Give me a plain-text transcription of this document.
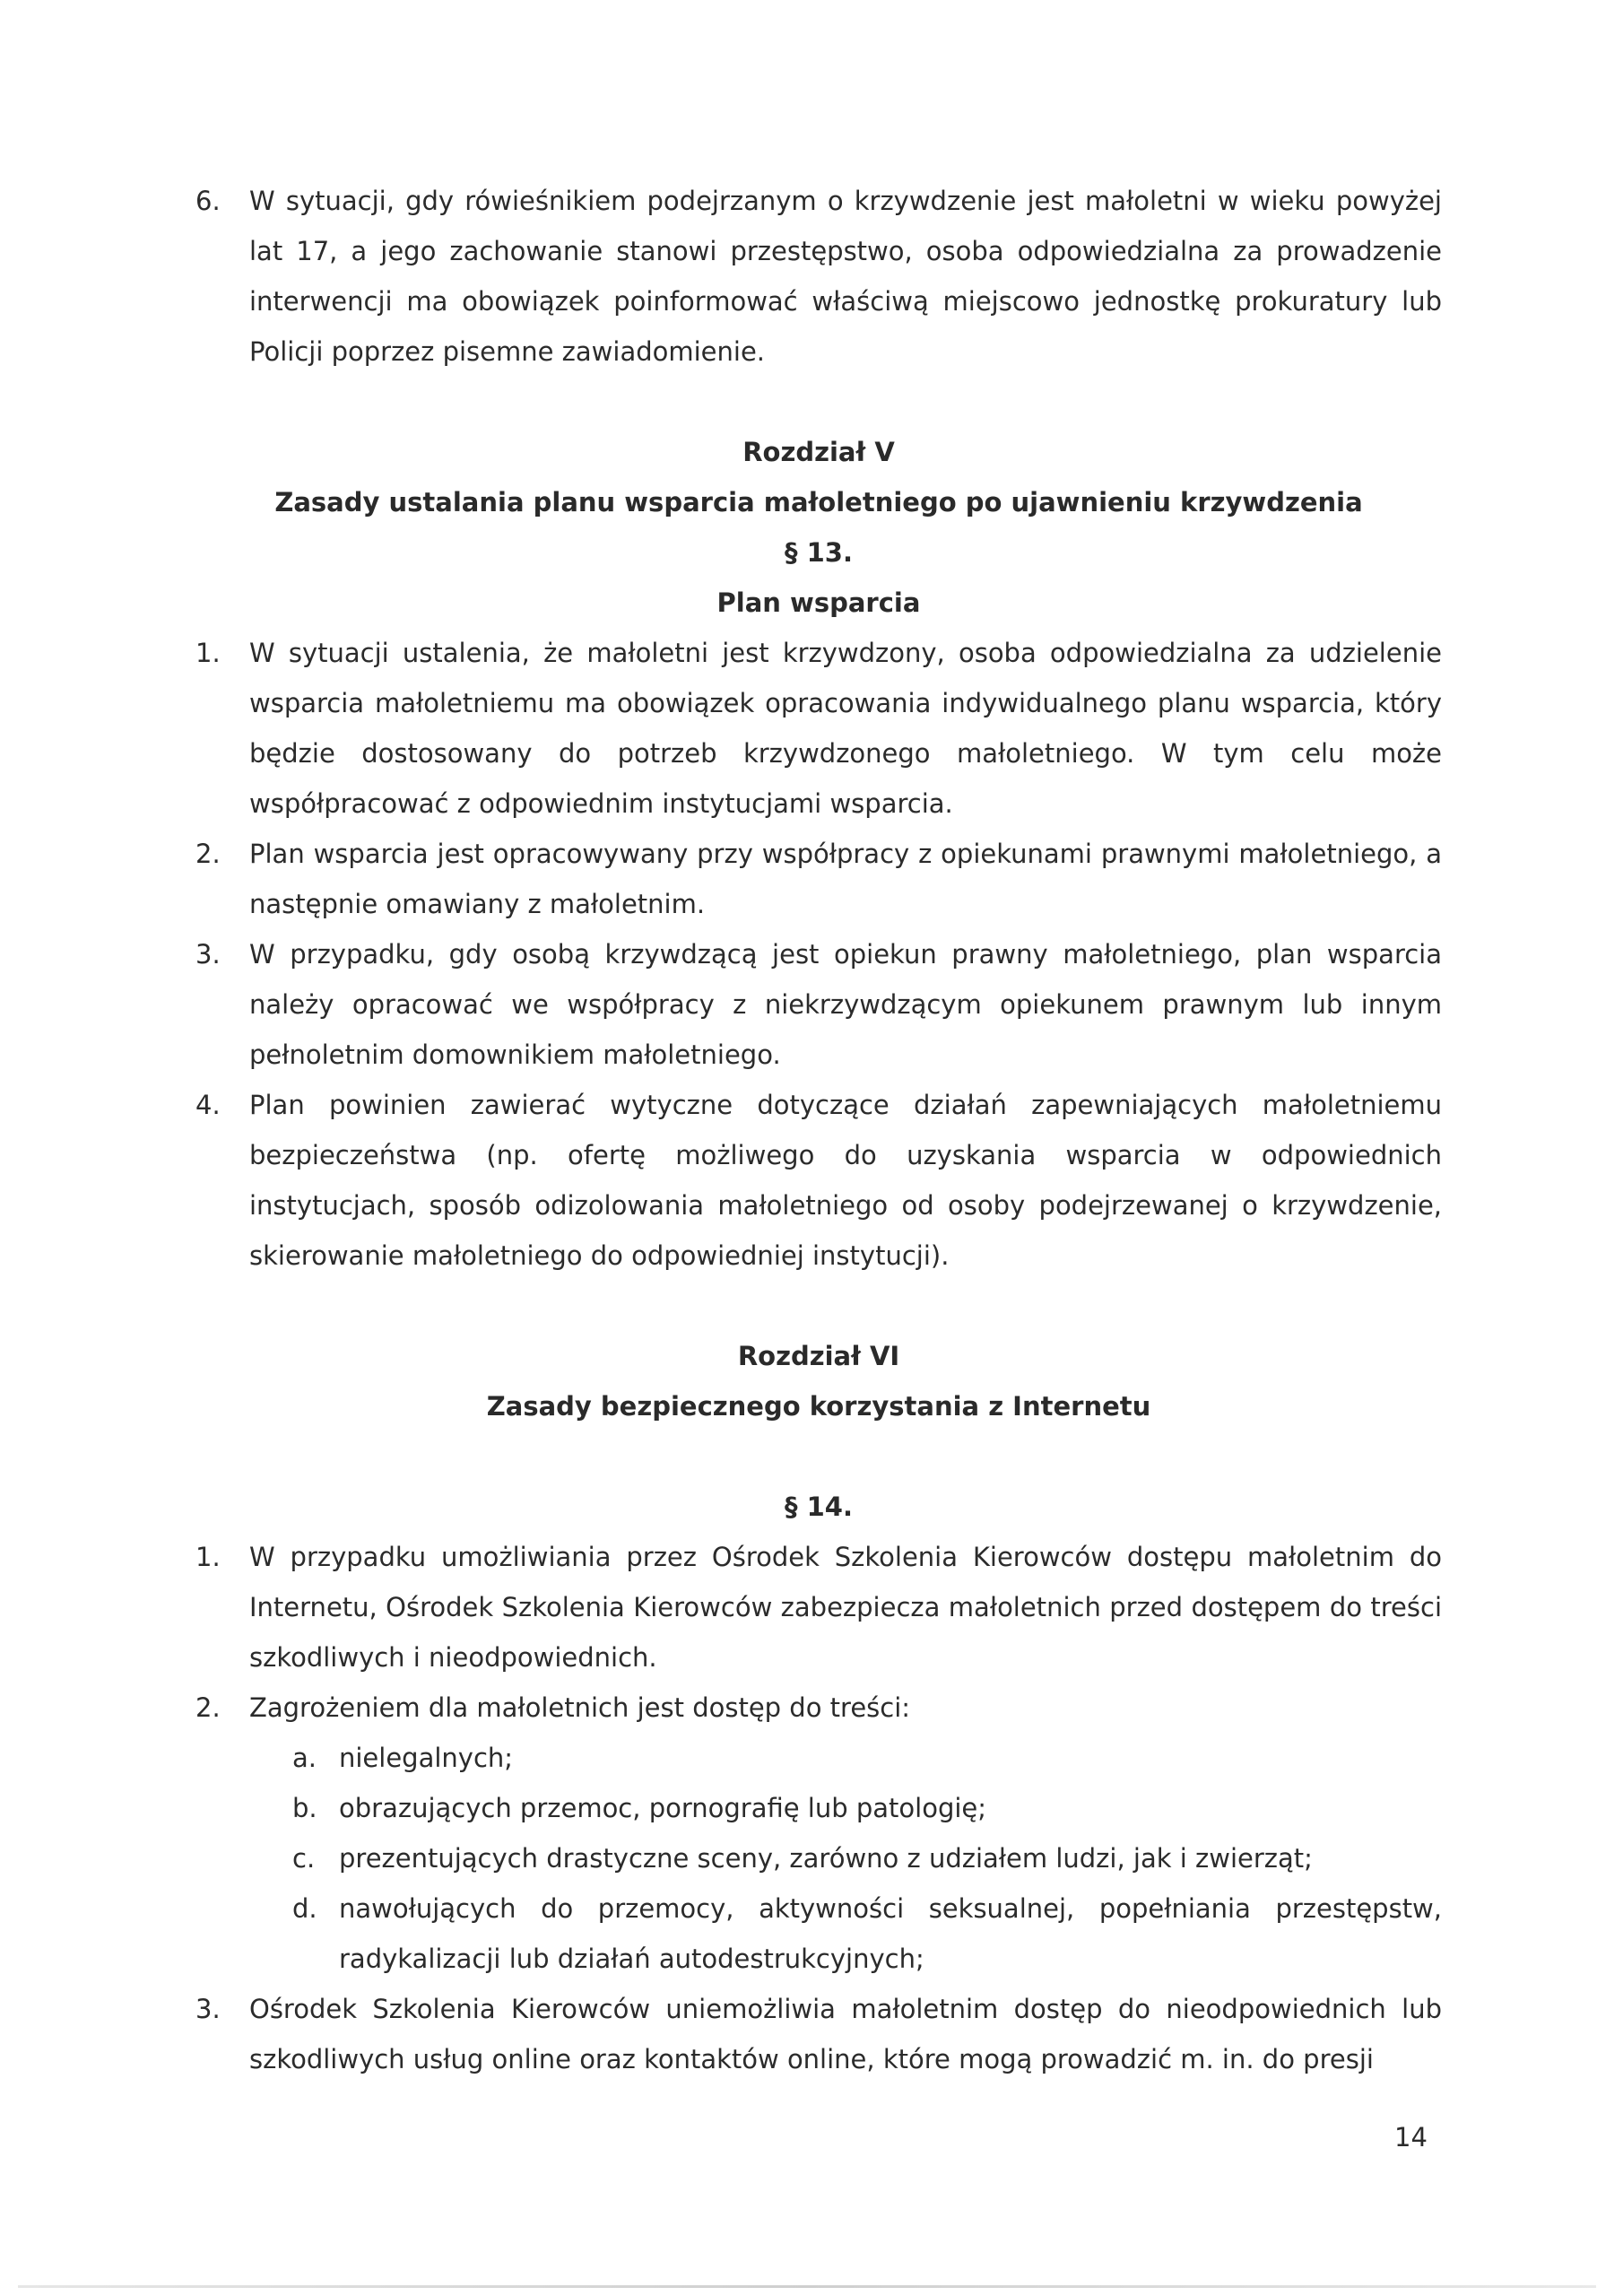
6.	W sytuacji, gdy rówieśnikiem podejrzanym o krzywdzenie jest małoletni w wieku powyżej lat 17, a jego zachowanie stanowi przestępstwo, osoba odpowiedzialna za prowadzenie interwencji ma obowiązek poinformować właściwą miejscowo jednostkę prokuratury lub Policji poprzez pisemne zawiadomienie.
Rozdział V
Zasady ustalania planu wsparcia małoletniego po ujawnieniu krzywdzenia
§ 13.
Plan wsparcia
1.	W sytuacji ustalenia, że małoletni jest krzywdzony, osoba odpowiedzialna za udzielenie wsparcia małoletniemu ma obowiązek opracowania indywidualnego planu wsparcia, który będzie dostosowany do potrzeb krzywdzonego małoletniego. W tym celu może współpracować z odpowiednim instytucjami wsparcia.
2.	Plan wsparcia jest opracowywany przy współpracy z opiekunami prawnymi małoletniego, a następnie omawiany z małoletnim.
3.	W przypadku, gdy osobą krzywdzącą jest opiekun prawny małoletniego, plan wsparcia należy opracować we współpracy z niekrzywdzącym opiekunem prawnym lub innym pełnoletnim domownikiem małoletniego.
4.	Plan powinien zawierać wytyczne dotyczące działań zapewniających małoletniemu bezpieczeństwa (np. ofertę możliwego do uzyskania wsparcia w odpowiednich instytucjach, sposób odizolowania małoletniego od osoby podejrzewanej o krzywdzenie, skierowanie małoletniego do odpowiedniej instytucji).
Rozdział VI
Zasady bezpiecznego korzystania z Internetu
§ 14.
1.	W przypadku umożliwiania przez Ośrodek Szkolenia Kierowców dostępu małoletnim do Internetu, Ośrodek Szkolenia Kierowców zabezpiecza małoletnich przed dostępem do treści szkodliwych i nieodpowiednich.
2.	Zagrożeniem dla małoletnich jest dostęp do treści:
a. nielegalnych;
b. obrazujących przemoc, pornografię lub patologię;
c. prezentujących drastyczne sceny, zarówno z udziałem ludzi, jak i zwierząt;
d. nawołujących do przemocy, aktywności seksualnej, popełniania przestępstw, radykalizacji lub działań autodestrukcyjnych;
3.	Ośrodek Szkolenia Kierowców uniemożliwia małoletnim dostęp do nieodpowiednich lub szkodliwych usług online oraz kontaktów online, które mogą prowadzić m. in. do presji
14
